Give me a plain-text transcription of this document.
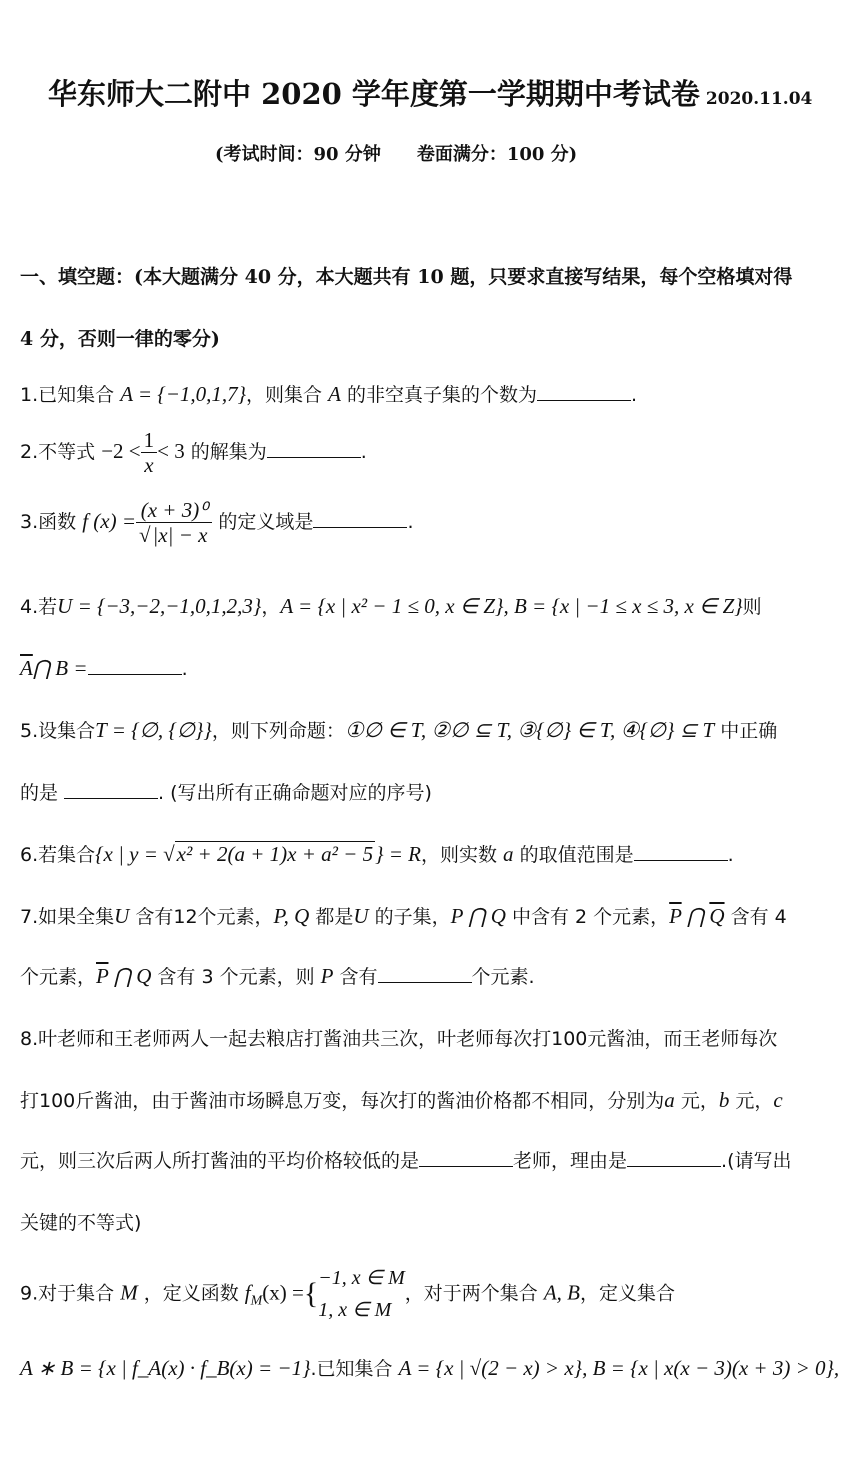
华东师大二附中 2020 学年度第一学期期中考试卷 2020.11.04
(考试时间：90 分钟 卷面满分：100 分)
一、填空题：(本大题满分 40 分，本大题共有 10 题，只要求直接写结果，每个空格填对得
4 分，否则一律的零分)
1.已知集合 A = {−1,0,1,7}，则集合 A 的非空真子集的个数为	.
2.不等式 $-2 < \frac{1}{x} < 3$ 的解集为	.
3.函数 f $(x) = \frac{\text{(x + 3)⁰}}{√|x| - x}$ 的定义域是	.
4.若U = {−3,−2,−1,0,1,2,3}，A = {x | x² − 1 ≤ 0, x ∈ Z}, B = {x | −1 ≤ x ≤ 3, x ∈ Z}则
$\overline{A}⋂$ B =	.
5.设集合T = {∅, {∅}}，则下列命题：①∅ ∈ T, ②∅ ⊆ T, ③{∅} ∈ T, ④{∅} ⊆ T 中正确
的是	. (写出所有正确命题对应的序号)
6.若集合{x | y = √x² + 2(a + 1)x + a² − 5} = R，则实数 a 的取值范围是	.
7.如果全集U 含有12个元素，P, Q 都是U 的子集，P ⋂ Q 中含有 2 个元素，$\overline{P}$ ⋂ $\overline{Q}$ 含有 4
个元素，$\overline{P}$ ⋂ Q 含有 3 个元素，则 P 含有	个元素.
8.叶老师和王老师两人一起去粮店打酱油共三次，叶老师每次打100元酱油，而王老师每次
打100斤酱油，由于酱油市场瞬息万变，每次打的酱油价格都不相同，分别为a 元，b 元，c
元，则三次后两人所打酱油的平均价格较低的是	老师，理由是	.(请写出
关键的不等式)
9.对于集合 M ，定义函数 $f_M(x)$ ={ −1, x ∈ M
1, x ∈ M
，对于两个集合 A, B，定义集合
A ∗ B = {x | f_A(x) · f_B(x) = −1}.已知集合 A = {x | √(2 − x) > x}, B = {x | x(x − 3)(x + 3) > 0},
